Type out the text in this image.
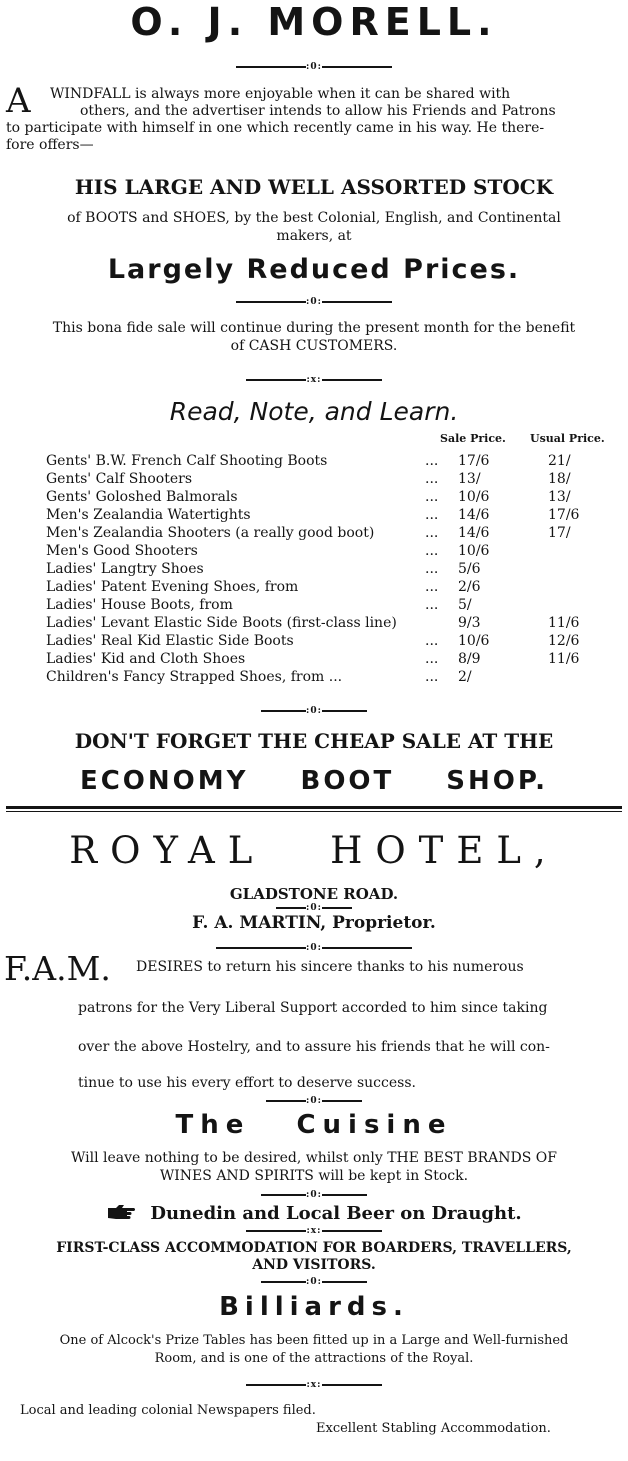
O. J. MORELL.
:0:
A	WINDFALL is always more enjoyable when it can be shared with
others, and the advertiser intends to allow his Friends and Patrons
to participate with himself in one which recently came in his way. He there-
fore offers—
HIS LARGE AND WELL ASSORTED STOCK
of BOOTS and SHOES, by the best Colonial, English, and Continental
makers, at
Largely Reduced Prices.
:0:
This bona fide sale will continue during the present month for the benefit
of CASH CUSTOMERS.
:x:
Read, Note, and Learn.
Sale Price. Usual Price.
Gents' B.W. French Calf Shooting Boots	... 17/6	21/
Gents' Calf Shooters	... 13/	18/
Gents' Goloshed Balmorals	... 10/6	13/
Men's Zealandia Watertights	... 14/6	17/6
Men's Zealandia Shooters (a really good boot)	... 14/6	17/
Men's Good Shooters	... 10/6
Ladies' Langtry Shoes	... 5/6
Ladies' Patent Evening Shoes, from	... 2/6
Ladies' House Boots, from	... 5/
Ladies' Levant Elastic Side Boots (first-class line)	9/3	11/6
Ladies' Real Kid Elastic Side Boots	... 10/6	12/6
Ladies' Kid and Cloth Shoes	... 8/9	11/6
Children's Fancy Strapped Shoes, from ...	... 2/
:0:
DON'T FORGET THE CHEAP SALE AT THE
ECONOMY BOOT SHOP.
ROYAL HOTEL,
GLADSTONE ROAD.
:0:
F. A. MARTIN, Proprietor.
:0:
F.A.M.	DESIRES to return his sincere thanks to his numerous
patrons for the Very Liberal Support accorded to him since taking
over the above Hostelry, and to assure his friends that he will con-
tinue to use his every effort to deserve success.
:0:
The Cuisine
Will leave nothing to be desired, whilst only THE BEST BRANDS OF
WINES AND SPIRITS will be kept in Stock.
:0:
Dunedin and Local Beer on Draught.
:x:
FIRST-CLASS ACCOMMODATION FOR BOARDERS, TRAVELLERS,
AND VISITORS.
:0:
Billiards.
One of Alcock's Prize Tables has been fitted up in a Large and Well-furnished
Room, and is one of the attractions of the Royal.
:x:
Local and leading colonial Newspapers filed.
Excellent Stabling Accommodation.
